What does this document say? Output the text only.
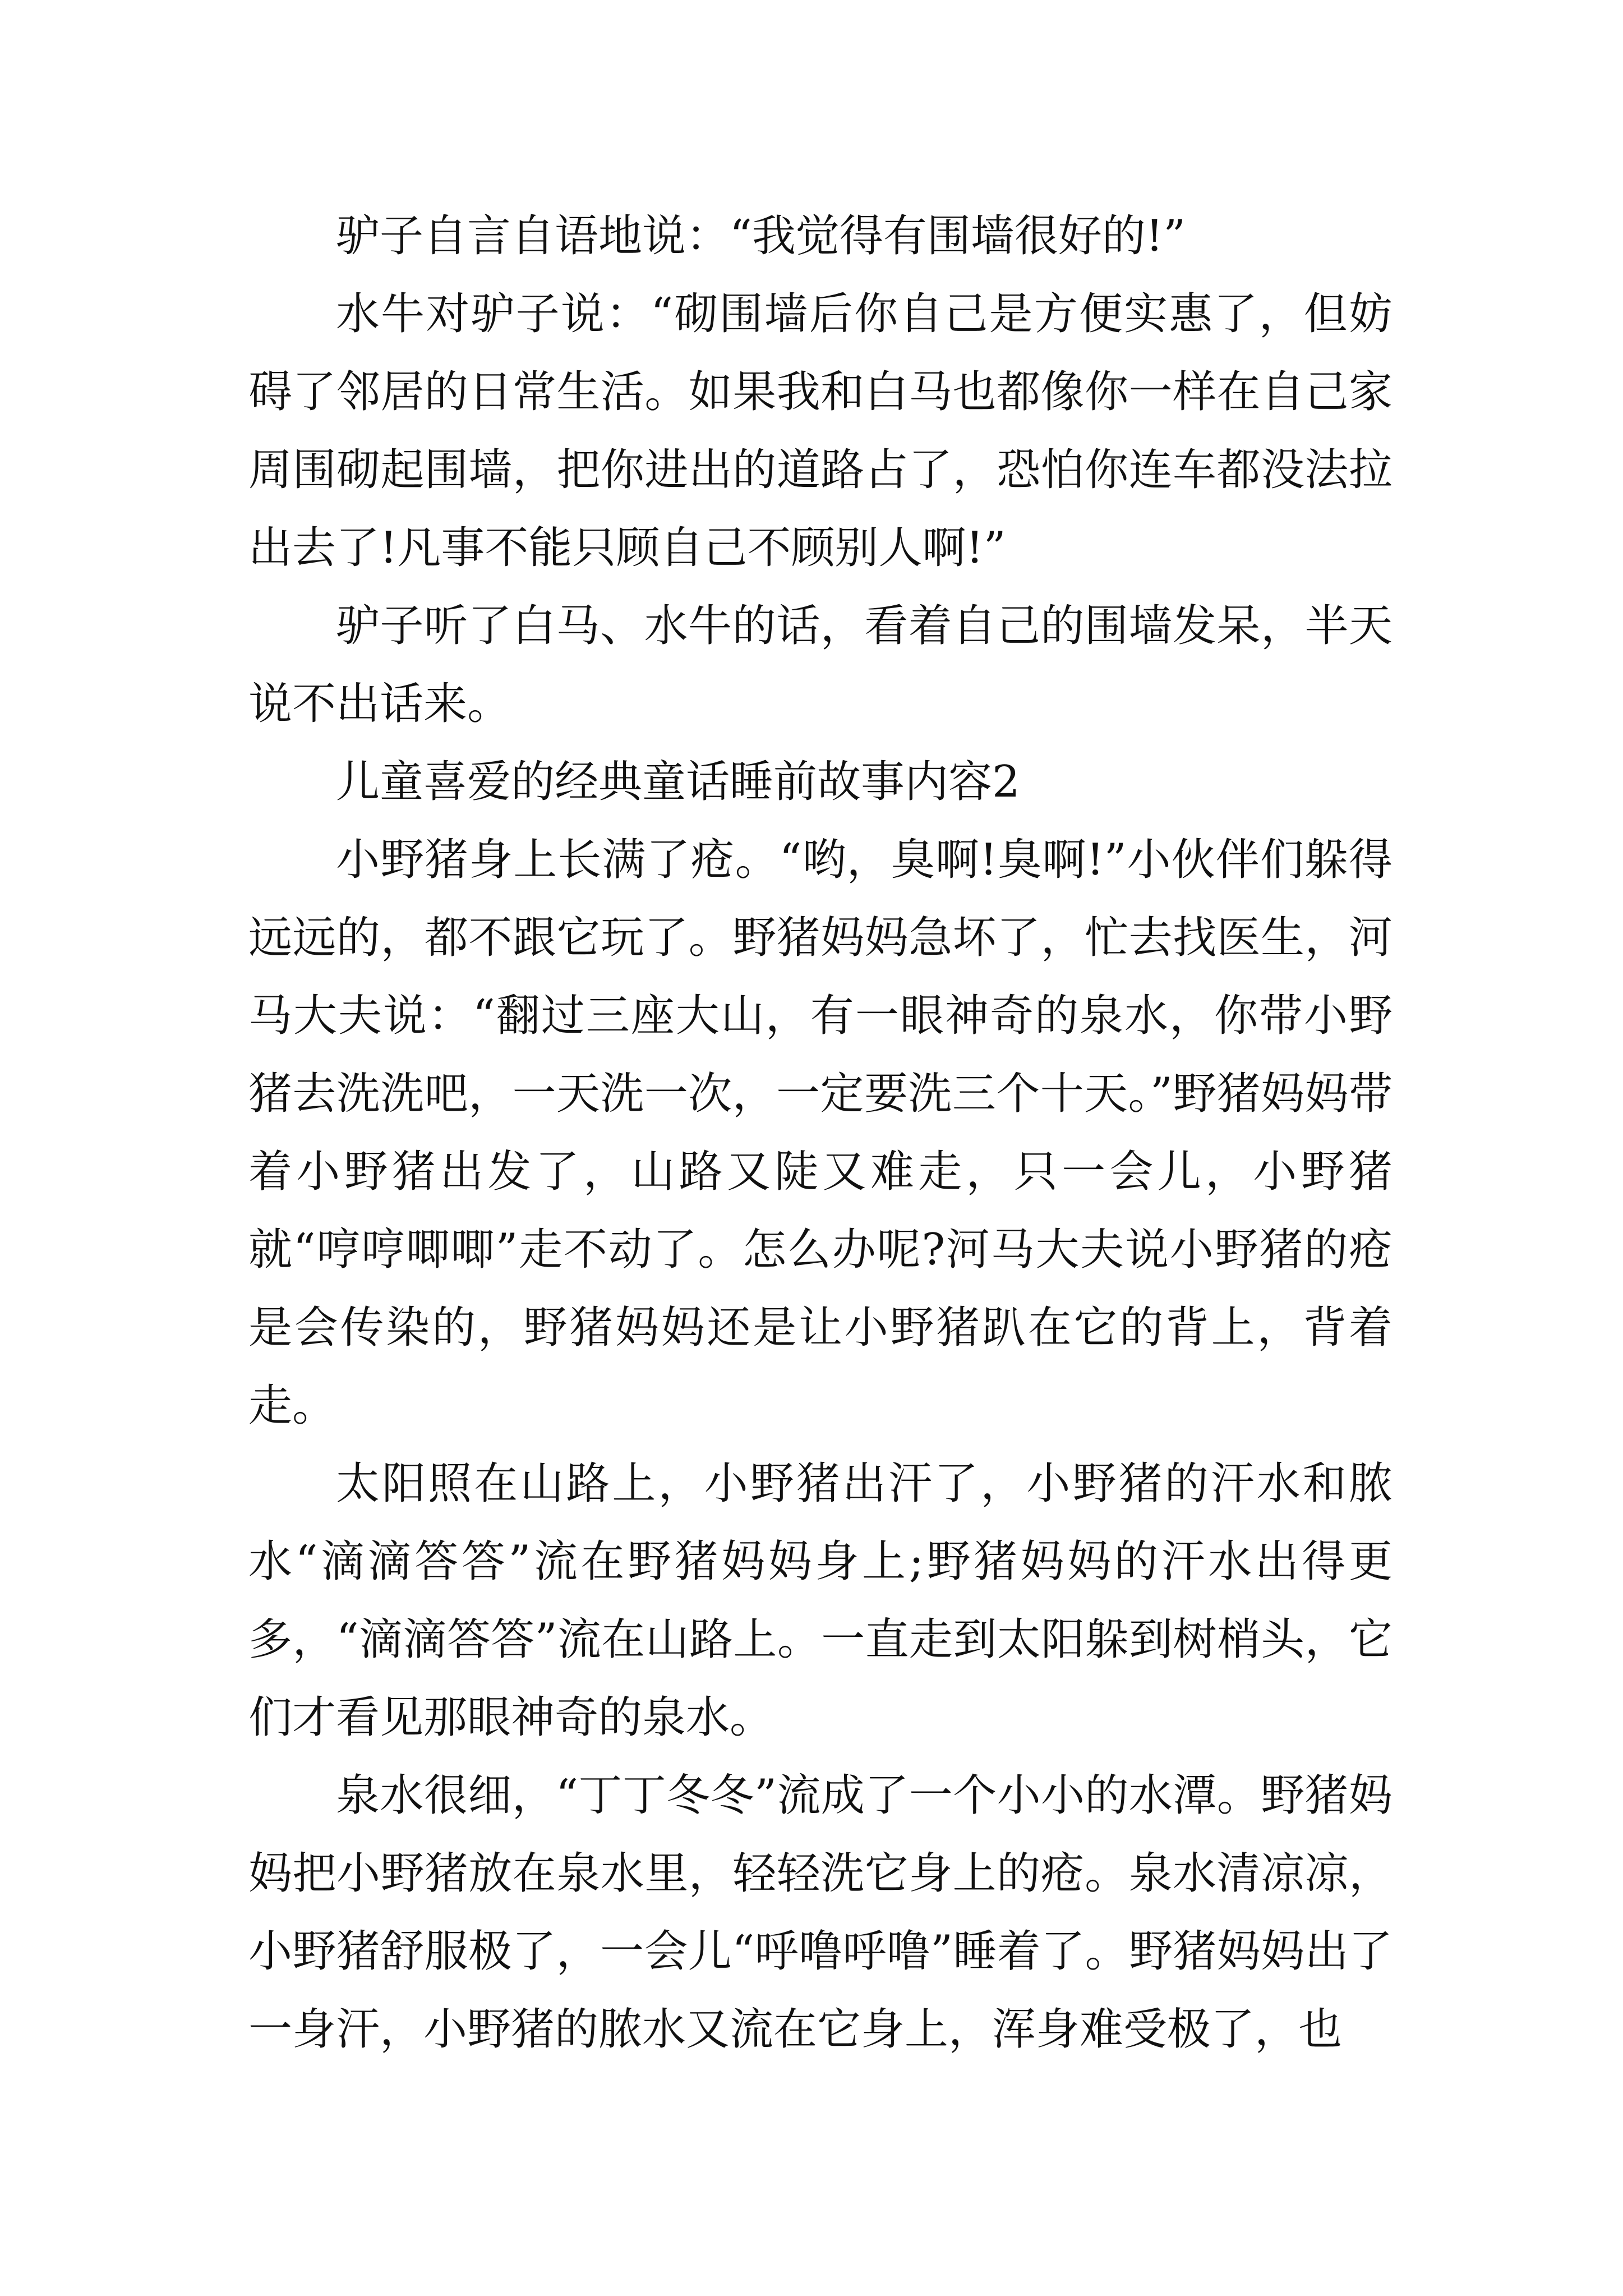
驴子自言自语地说：“我觉得有围墙很好的!”

水牛对驴子说：“砌围墙后你自己是方便实惠了，但妨碍了邻居的日常生活。如果我和白马也都像你一样在自己家周围砌起围墙，把你进出的道路占了，恐怕你连车都没法拉出去了!凡事不能只顾自己不顾别人啊!”

驴子听了白马、水牛的话，看着自己的围墙发呆，半天说不出话来。

儿童喜爱的经典童话睡前故事内容2

小野猪身上长满了疮。“哟，臭啊!臭啊!”小伙伴们躲得远远的，都不跟它玩了。野猪妈妈急坏了，忙去找医生，河马大夫说：“翻过三座大山，有一眼神奇的泉水，你带小野猪去洗洗吧，一天洗一次，一定要洗三个十天。”野猪妈妈带着小野猪出发了，山路又陡又难走，只一会儿，小野猪就“哼哼唧唧”走不动了。怎么办呢?河马大夫说小野猪的疮是会传染的，野猪妈妈还是让小野猪趴在它的背上，背着走。

太阳照在山路上，小野猪出汗了，小野猪的汗水和脓水“滴滴答答”流在野猪妈妈身上;野猪妈妈的汗水出得更多，“滴滴答答”流在山路上。一直走到太阳躲到树梢头，它们才看见那眼神奇的泉水。

泉水很细，“丁丁冬冬”流成了一个小小的水潭。野猪妈妈把小野猪放在泉水里，轻轻洗它身上的疮。泉水清凉凉，小野猪舒服极了，一会儿“呼噜呼噜”睡着了。野猪妈妈出了一身汗，小野猪的脓水又流在它身上，浑身难受极了，也
